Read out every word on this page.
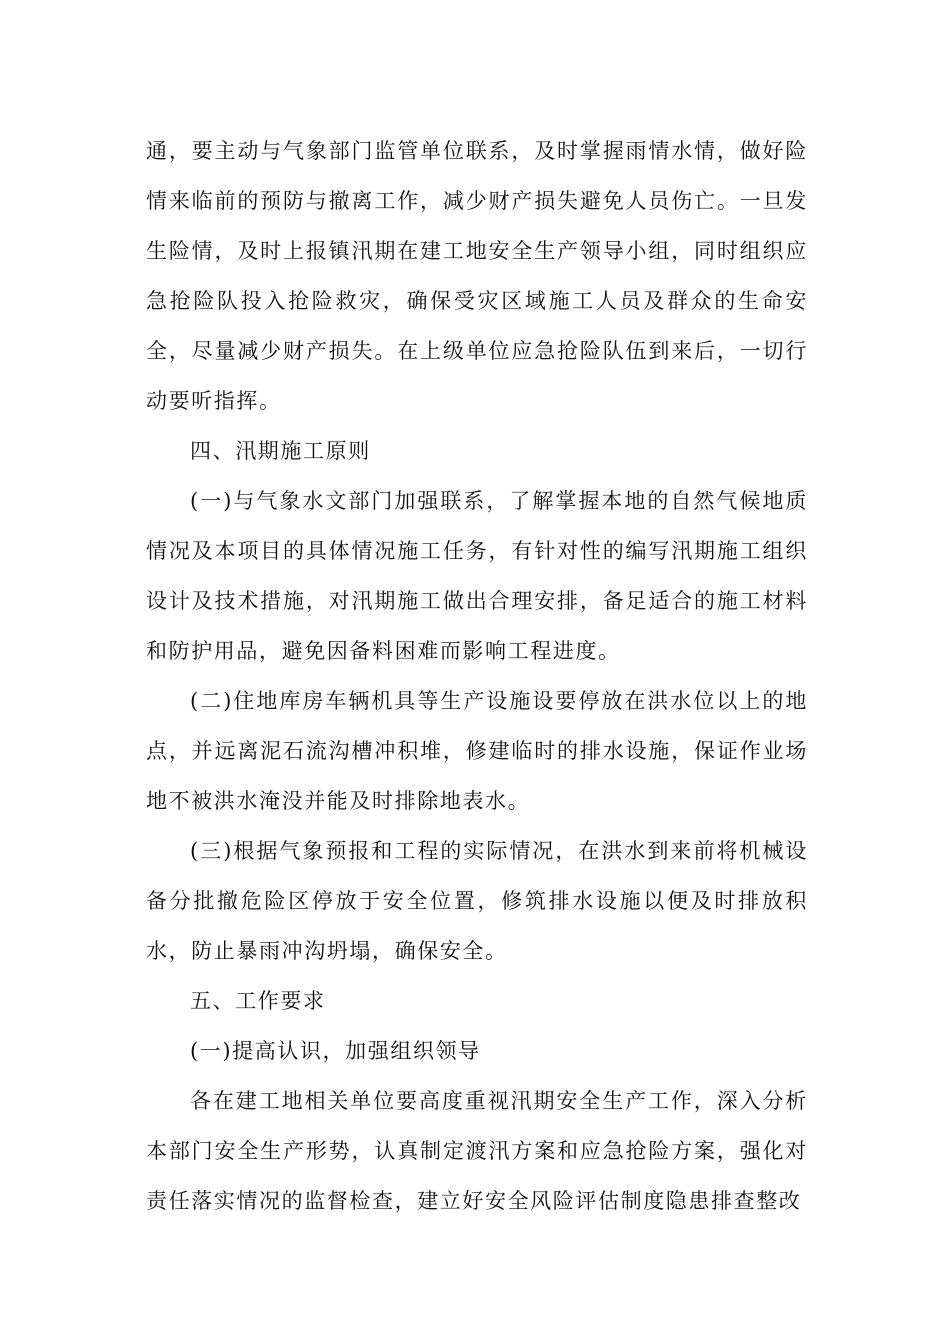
通，要主动与气象部门监管单位联系，及时掌握雨情水情，做好险情来临前的预防与撤离工作，减少财产损失避免人员伤亡。一旦发生险情，及时上报镇汛期在建工地安全生产领导小组，同时组织应急抢险队投入抢险救灾，确保受灾区域施工人员及群众的生命安全，尽量减少财产损失。在上级单位应急抢险队伍到来后，一切行动要听指挥。

四、汛期施工原则

(一)与气象水文部门加强联系，了解掌握本地的自然气候地质情况及本项目的具体情况施工任务，有针对性的编写汛期施工组织设计及技术措施，对汛期施工做出合理安排，备足适合的施工材料和防护用品，避免因备料困难而影响工程进度。

(二)住地库房车辆机具等生产设施设要停放在洪水位以上的地点，并远离泥石流沟槽冲积堆，修建临时的排水设施，保证作业场地不被洪水淹没并能及时排除地表水。

(三)根据气象预报和工程的实际情况，在洪水到来前将机械设备分批撤危险区停放于安全位置，修筑排水设施以便及时排放积水，防止暴雨冲沟坍塌，确保安全。

五、工作要求

(一)提高认识，加强组织领导

各在建工地相关单位要高度重视汛期安全生产工作，深入分析本部门安全生产形势，认真制定渡汛方案和应急抢险方案，强化对责任落实情况的监督检查，建立好安全风险评估制度隐患排查整改
